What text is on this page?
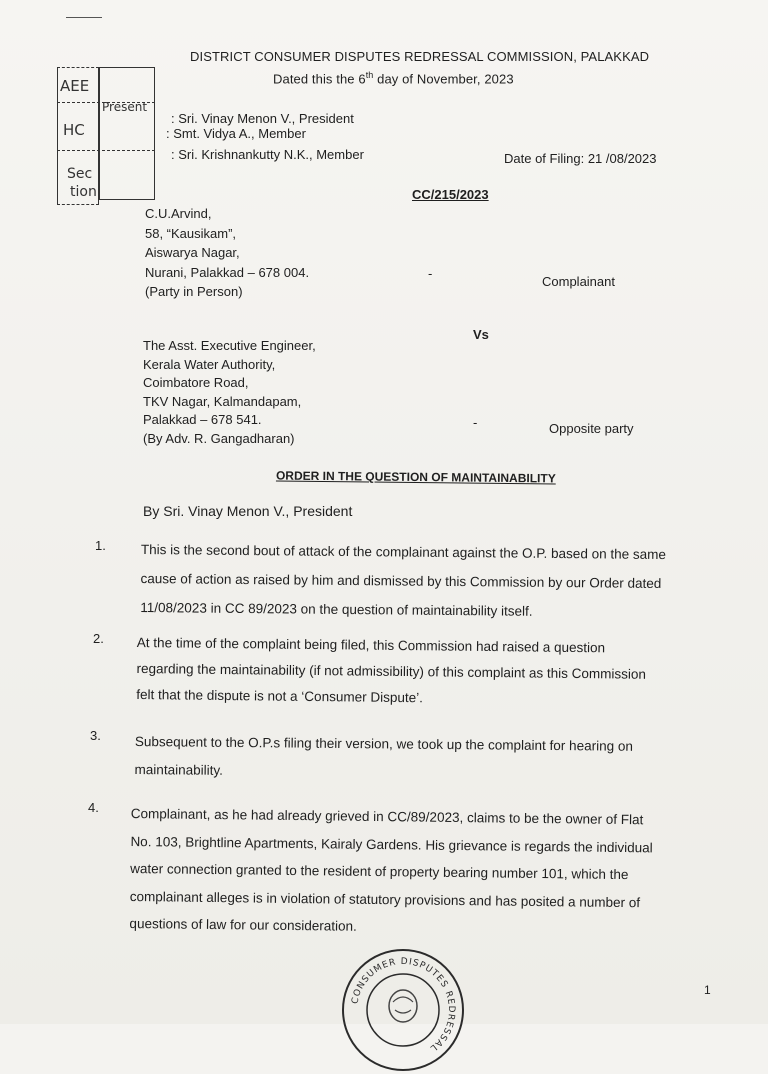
DISTRICT CONSUMER DISPUTES REDRESSAL COMMISSION, PALAKKAD
Dated this the 6th day of November, 2023
AEE
HC
Sec
tion
Present
: Sri. Vinay Menon V., President
: Smt. Vidya A., Member
: Sri. Krishnankutty N.K., Member	Date of Filing: 21 /08/2023
CC/215/2023
C.U.Arvind,
58, “Kausikam”,
Aiswarya Nagar,
Nurani, Palakkad – 678 004.
(Party in Person)
-
Complainant
Vs
The Asst. Executive Engineer,
Kerala Water Authority,
Coimbatore Road,
TKV Nagar, Kalmandapam,
Palakkad – 678 541.
(By Adv. R. Gangadharan)
-	Opposite party
ORDER IN THE QUESTION OF MAINTAINABILITY
By Sri. Vinay Menon V., President
1.	This is the second bout of attack of the complainant against the O.P. based on the same
cause of action as raised by him and dismissed by this Commission by our Order dated
11/08/2023 in CC 89/2023 on the question of maintainability itself.
2. At the time of the complaint being filed, this Commission had raised a question
regarding the maintainability (if not admissibility) of this complaint as this Commission
felt that the dispute is not a ‘Consumer Dispute’.
3.	Subsequent to the O.P.s filing their version, we took up the complaint for hearing on
maintainability.
4. Complainant, as he had already grieved in CC/89/2023, claims to be the owner of Flat
No. 103, Brightline Apartments, Kairaly Gardens. His grievance is regards the individual
water connection granted to the resident of property bearing number 101, which the
complainant alleges is in violation of statutory provisions and has posited a number of
questions of law for our consideration.
CONSUMER DISPUTES REDRESSAL
1
